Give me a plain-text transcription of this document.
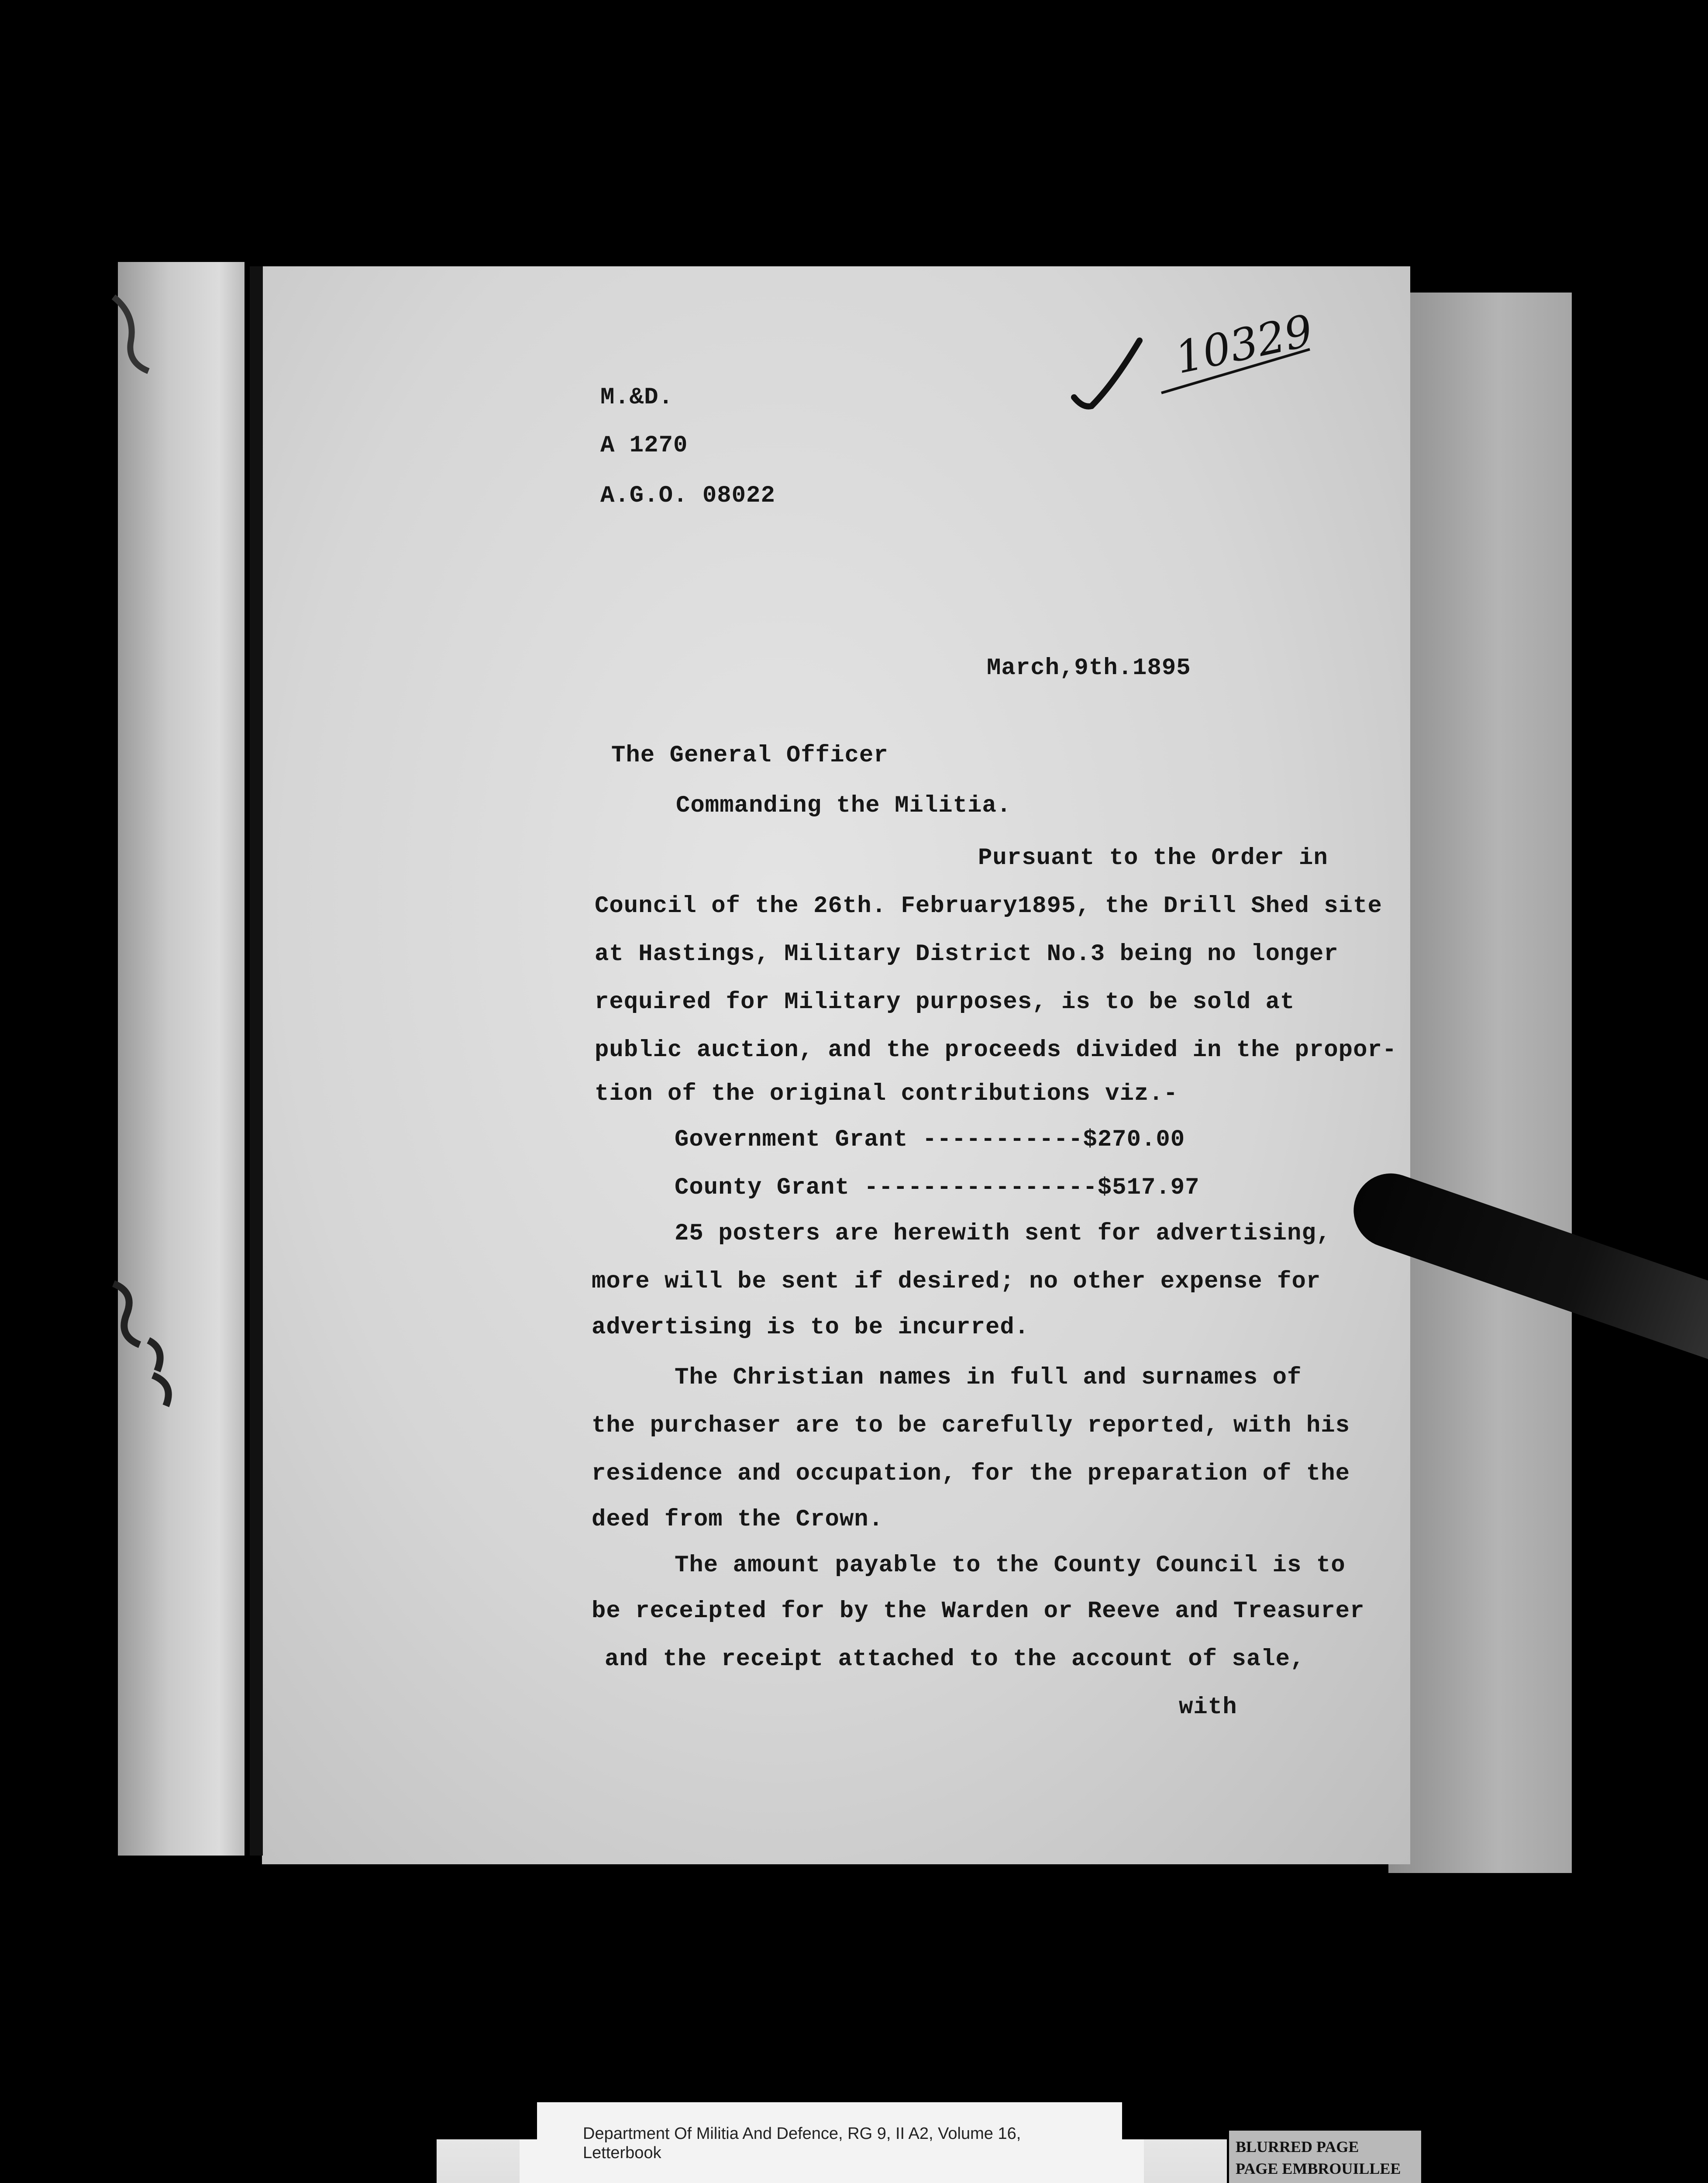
10329
M.&D.
A 1270
A.G.O. 08022
March,9th.1895
The General Officer
Commanding the Militia.
Pursuant to the Order in
Council of the 26th. February1895, the Drill Shed site
at Hastings, Military District No.3 being no longer
required for Military purposes, is to be sold at
public auction, and the proceeds divided in the propor-
tion of the original contributions viz.-
Government Grant -----------$270.00
County Grant ----------------$517.97
25 posters are herewith sent for advertising,
more will be sent if desired; no other expense for
advertising is to be incurred.
The Christian names in full and surnames of
the purchaser are to be carefully reported, with his
residence and occupation, for the preparation of the
deed from the Crown.
The amount payable to the County Council is to
be receipted for by the Warden or Reeve and Treasurer
and the receipt attached to the account of sale,
with
Department Of Militia And Defence, RG 9, II A2, Volume 16,
Letterbook	BLURRED PAGE
PAGE EMBROUILLEE
